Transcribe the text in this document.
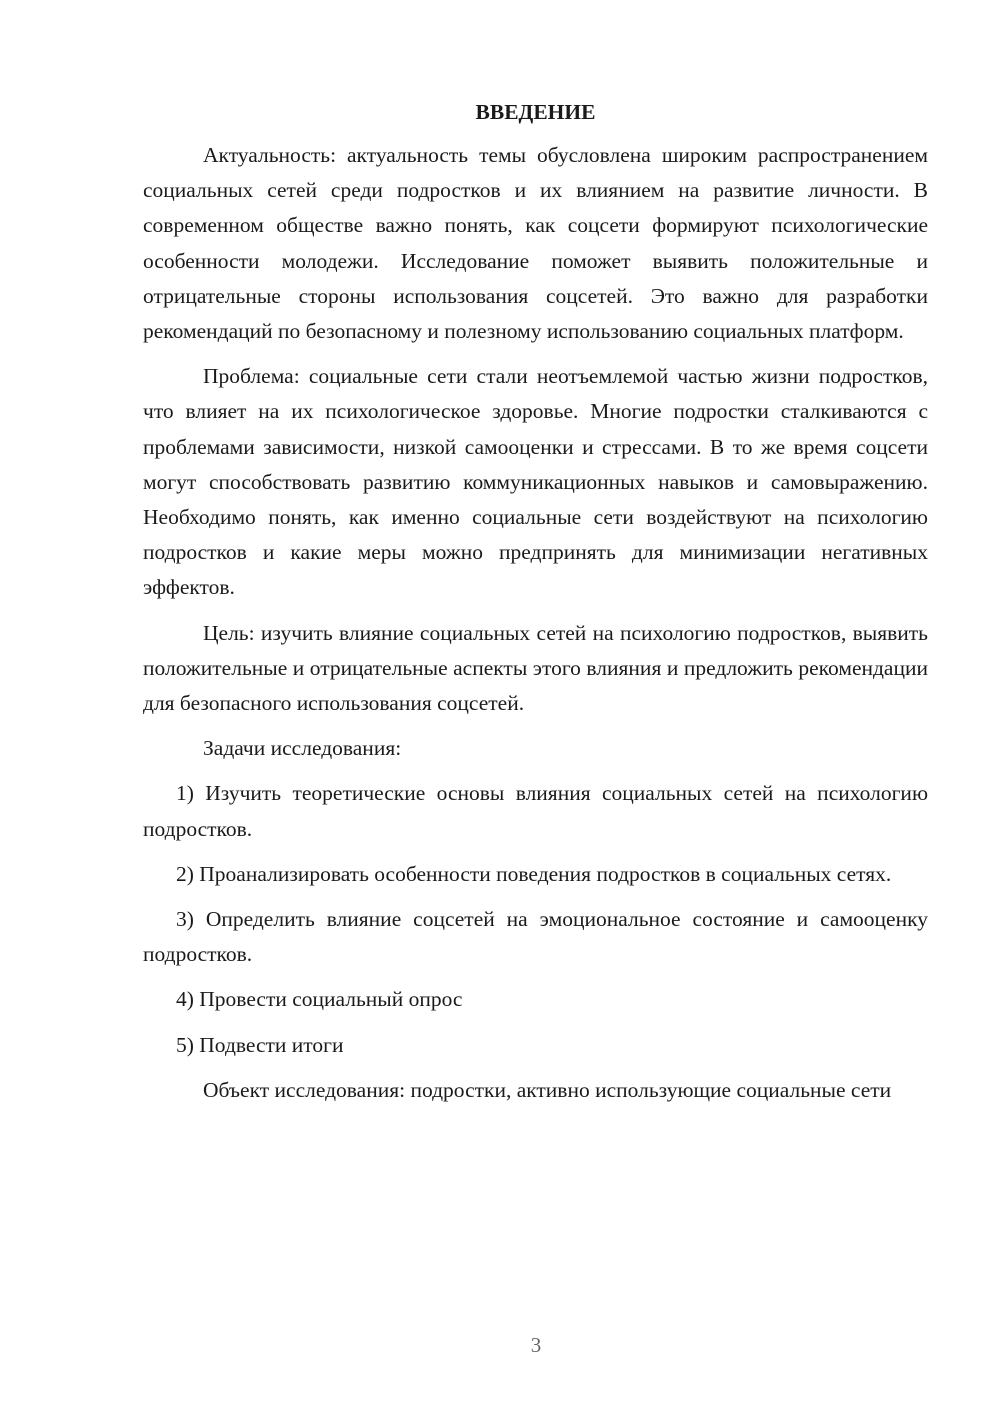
ВВЕДЕНИЕ

Актуальность: актуальность темы обусловлена широким распространением социальных сетей среди подростков и их влиянием на развитие личности. В современном обществе важно понять, как соцсети формируют психологические особенности молодежи. Исследование поможет выявить положительные и отрицательные стороны использования соцсетей. Это важно для разработки рекомендаций по безопасному и полезному использованию социальных платформ.

Проблема: социальные сети стали неотъемлемой частью жизни подростков, что влияет на их психологическое здоровье. Многие подростки сталкиваются с проблемами зависимости, низкой самооценки и стрессами. В то же время соцсети могут способствовать развитию коммуникационных навыков и самовыражению. Необходимо понять, как именно социальные сети воздействуют на психологию подростков и какие меры можно предпринять для минимизации негативных эффектов.

Цель: изучить влияние социальных сетей на психологию подростков, выявить положительные и отрицательные аспекты этого влияния и предложить рекомендации для безопасного использования соцсетей.

Задачи исследования:

1) Изучить теоретические основы влияния социальных сетей на психологию подростков.

2) Проанализировать особенности поведения подростков в социальных сетях.

3) Определить влияние соцсетей на эмоциональное состояние и самооценку подростков.

4) Провести социальный опрос

5) Подвести итоги

Объект исследования: подростки, активно использующие социальные сети

3
